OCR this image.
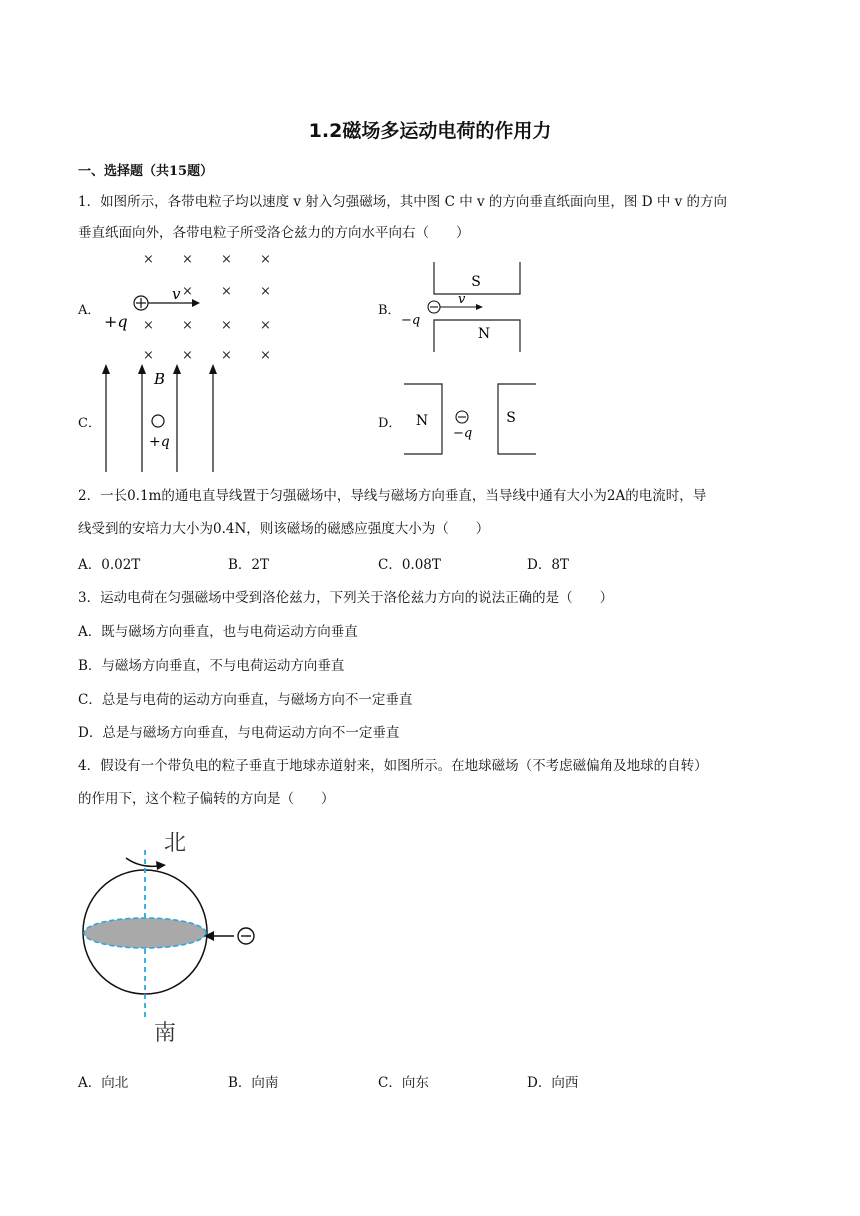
1.2磁场多运动电荷的作用力
一、选择题（共15题）
1．如图所示，各带电粒子均以速度 v 射入匀强磁场，其中图 C 中 v 的方向垂直纸面向里，图 D 中 v 的方向
垂直纸面向外，各带电粒子所受洛仑兹力的方向水平向右（　　）
A．
× × × ×
× × ×
× × × ×
× × × ×
v
+q
B．
S
N
v
−q
C．
B
+q
D． N	S
−q
2．一长0.1m的通电直导线置于匀强磁场中，导线与磁场方向垂直，当导线中通有大小为2A的电流时，导
线受到的安培力大小为0.4N，则该磁场的磁感应强度大小为（　　）
A．0.02T	B．2T	C．0.08T	D．8T
3．运动电荷在匀强磁场中受到洛伦兹力，下列关于洛伦兹力方向的说法正确的是（　　）
A．既与磁场方向垂直，也与电荷运动方向垂直
B．与磁场方向垂直，不与电荷运动方向垂直
C．总是与电荷的运动方向垂直，与磁场方向不一定垂直
D．总是与磁场方向垂直，与电荷运动方向不一定垂直
4．假设有一个带负电的粒子垂直于地球赤道射来，如图所示。在地球磁场（不考虑磁偏角及地球的自转）
的作用下，这个粒子偏转的方向是（　　）
北
南
A．向北	B．向南	C．向东	D．向西
